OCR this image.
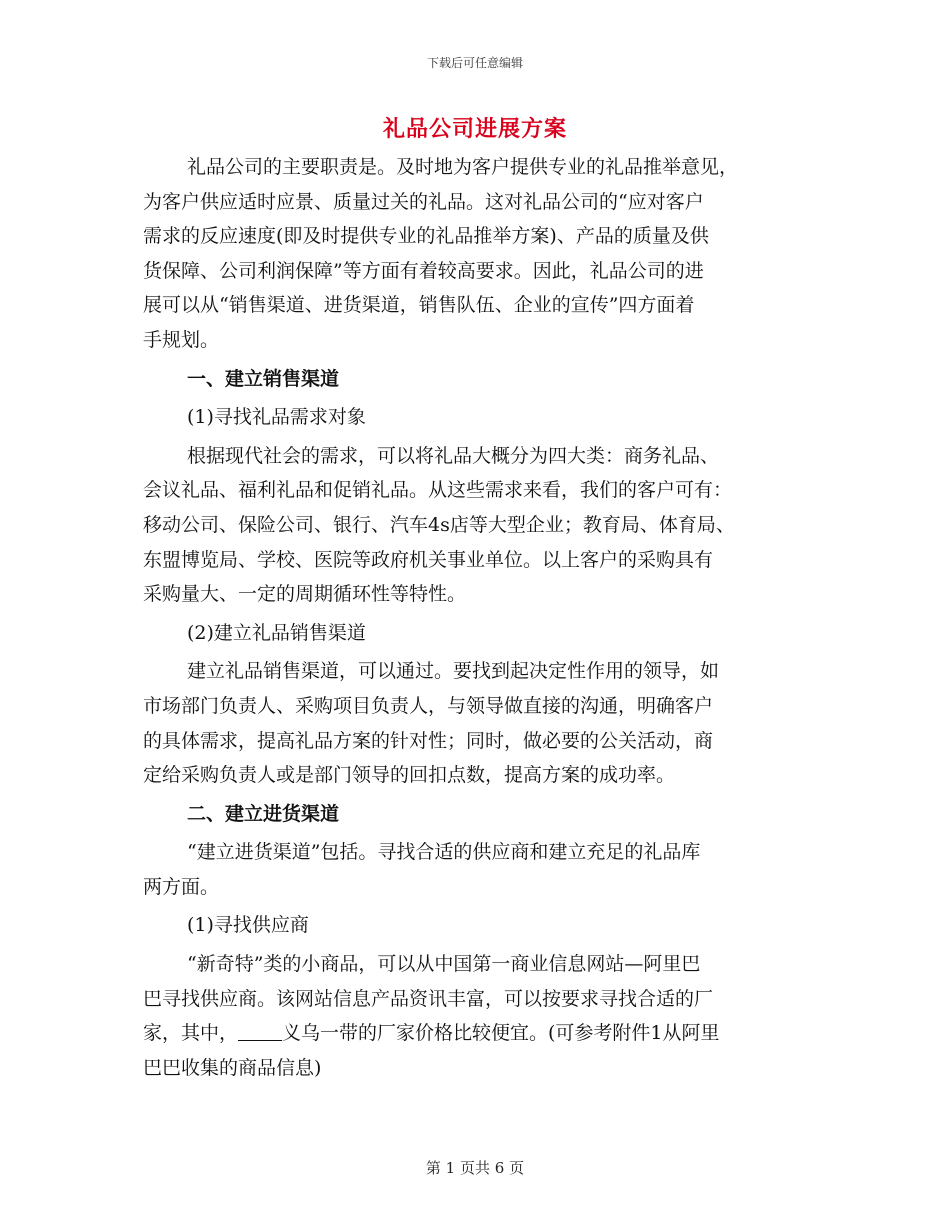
下载后可任意编辑
礼品公司进展方案
礼品公司的主要职责是。及时地为客户提供专业的礼品推举意见，
为客户供应适时应景、质量过关的礼品。这对礼品公司的“应对客户
需求的反应速度(即及时提供专业的礼品推举方案)、产品的质量及供
货保障、公司利润保障”等方面有着较高要求。因此，礼品公司的进
展可以从“销售渠道、进货渠道，销售队伍、企业的宣传”四方面着
手规划。
一、建立销售渠道
(1)寻找礼品需求对象
根据现代社会的需求，可以将礼品大概分为四大类：商务礼品、
会议礼品、福利礼品和促销礼品。从这些需求来看，我们的客户可有：
移动公司、保险公司、银行、汽车4s店等大型企业；教育局、体育局、
东盟博览局、学校、医院等政府机关事业单位。以上客户的采购具有
采购量大、一定的周期循环性等特性。
(2)建立礼品销售渠道
建立礼品销售渠道，可以通过。要找到起决定性作用的领导，如
市场部门负责人、采购项目负责人，与领导做直接的沟通，明确客户
的具体需求，提高礼品方案的针对性；同时，做必要的公关活动，商
定给采购负责人或是部门领导的回扣点数，提高方案的成功率。
二、建立进货渠道
“建立进货渠道”包括。寻找合适的供应商和建立充足的礼品库
两方面。
(1)寻找供应商
“新奇特”类的小商品，可以从中国第一商业信息网站—阿里巴
巴寻找供应商。该网站信息产品资讯丰富，可以按要求寻找合适的厂
家，其中， 义乌一带的厂家价格比较便宜。(可参考附件1从阿里
巴巴收集的商品信息)
第 1 页共 6 页
